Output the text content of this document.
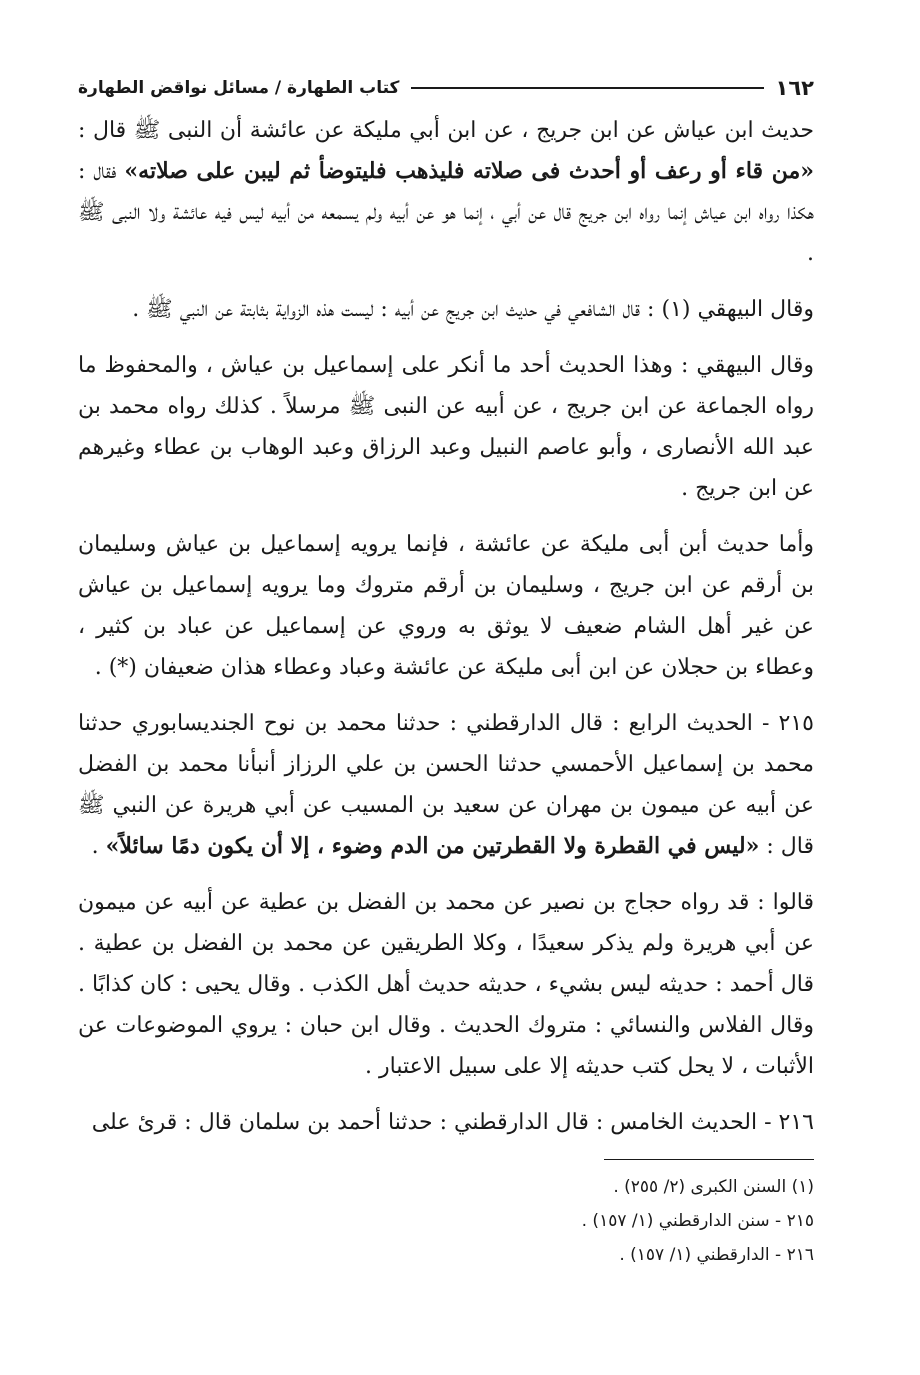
١٦٢
كتاب الطهارة / مسائل نواقض الطهارة

حديث ابن عياش عن ابن جريج ، عن ابن أبي مليكة عن عائشة أن النبى ﷺ قال : «من قاء أو رعف أو أحدث فى صلاته فليذهب فليتوضأ ثم ليبن على صلاته» فقال : هكذا رواه ابن عياش إنما رواه ابن جريج قال عن أبي ، إنما هو عن أبيه ولم يسمعه من أبيه ليس فيه عائشة ولا النبى ﷺ .

وقال البيهقي (١) : قال الشافعي في حديث ابن جريج عن أبيه : ليست هذه الزواية بثابتة عن النبي ﷺ .

وقال البيهقي : وهذا الحديث أحد ما أنكر على إسماعيل بن عياش ، والمحفوظ ما رواه الجماعة عن ابن جريج ، عن أبيه عن النبى ﷺ مرسلاً . كذلك رواه محمد بن عبد الله الأنصارى ، وأبو عاصم النبيل وعبد الرزاق وعبد الوهاب بن عطاء وغيرهم عن ابن جريج .

وأما حديث أبن أبى مليكة عن عائشة ، فإنما يرويه إسماعيل بن عياش وسليمان بن أرقم عن ابن جريج ، وسليمان بن أرقم متروك وما يرويه إسماعيل بن عياش عن غير أهل الشام ضعيف لا يوثق به وروي عن إسماعيل عن عباد بن كثير ، وعطاء بن حجلان عن ابن أبى مليكة عن عائشة وعباد وعطاء هذان ضعيفان (*) .

٢١٥ - الحديث الرابع : قال الدارقطني : حدثنا محمد بن نوح الجنديسابوري حدثنا محمد بن إسماعيل الأحمسي حدثنا الحسن بن علي الرزاز أنبأنا محمد بن الفضل عن أبيه عن ميمون بن مهران عن سعيد بن المسيب عن أبي هريرة عن النبي ﷺ قال : «ليس في القطرة ولا القطرتين من الدم وضوء ، إلا أن يكون دمًا سائلاً» .

قالوا : قد رواه حجاج بن نصير عن محمد بن الفضل بن عطية عن أبيه عن ميمون عن أبي هريرة ولم يذكر سعيدًا ، وكلا الطريقين عن محمد بن الفضل بن عطية . قال أحمد : حديثه ليس بشيء ، حديثه حديث أهل الكذب . وقال يحيى : كان كذابًا . وقال الفلاس والنسائي : متروك الحديث . وقال ابن حبان : يروي الموضوعات عن الأثبات ، لا يحل كتب حديثه إلا على سبيل الاعتبار .

٢١٦ - الحديث الخامس : قال الدارقطني : حدثنا أحمد بن سلمان قال : قرئ على

(١) السنن الكبرى (٢/ ٢٥٥) .
٢١٥ - سنن الدارقطني (١/ ١٥٧) .
٢١٦ - الدارقطني (١/ ١٥٧) .
